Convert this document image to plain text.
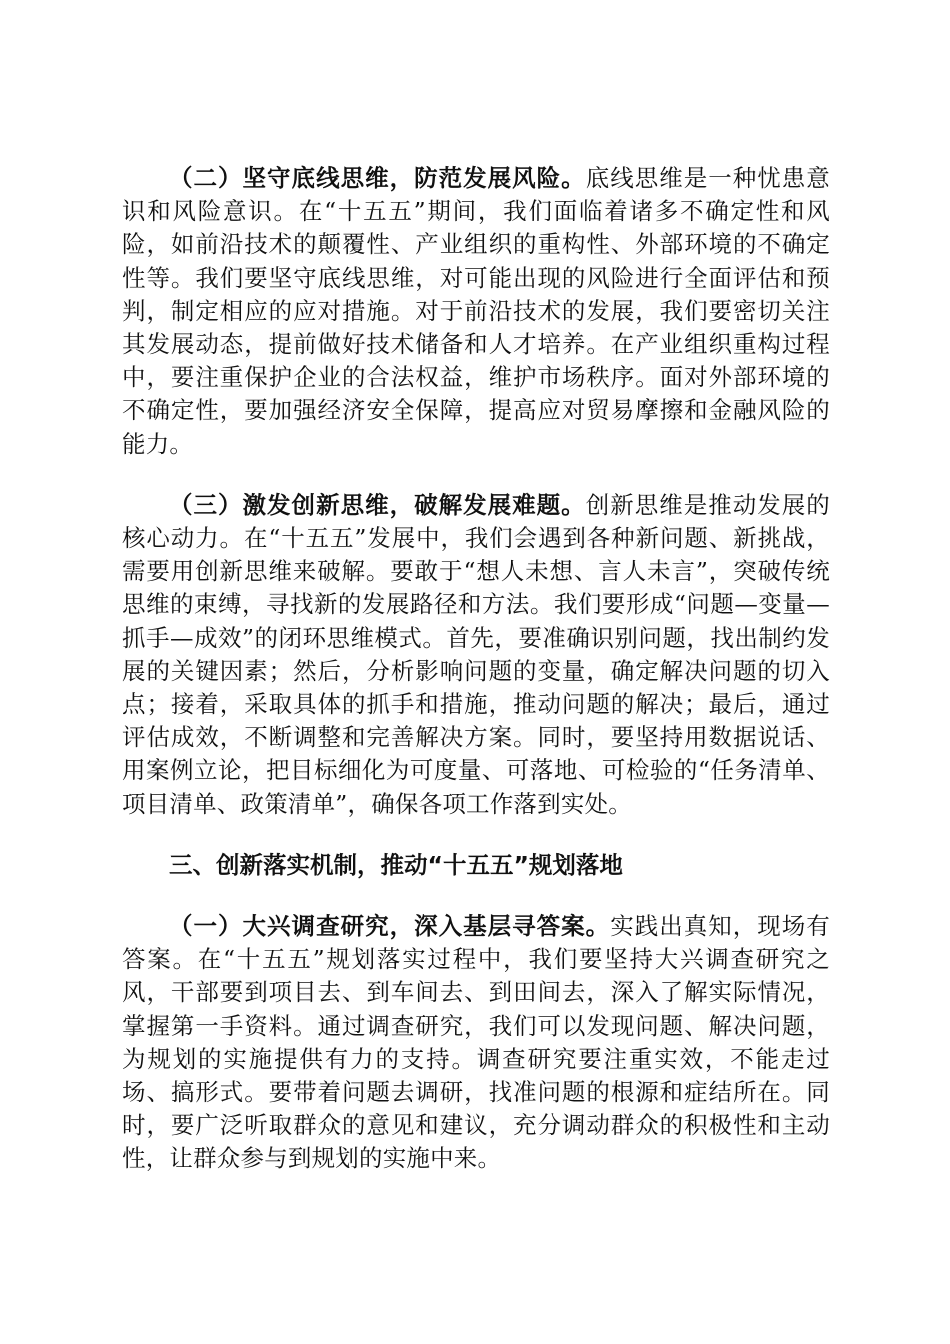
（二）坚守底线思维，防范发展风险。底线思维是一种忧患意识和风险意识。在“十五五”期间，我们面临着诸多不确定性和风险，如前沿技术的颠覆性、产业组织的重构性、外部环境的不确定性等。我们要坚守底线思维，对可能出现的风险进行全面评估和预判，制定相应的应对措施。对于前沿技术的发展，我们要密切关注其发展动态，提前做好技术储备和人才培养。在产业组织重构过程中，要注重保护企业的合法权益，维护市场秩序。面对外部环境的不确定性，要加强经济安全保障，提高应对贸易摩擦和金融风险的能力。

（三）激发创新思维，破解发展难题。创新思维是推动发展的核心动力。在“十五五”发展中，我们会遇到各种新问题、新挑战，需要用创新思维来破解。要敢于“想人未想、言人未言”，突破传统思维的束缚，寻找新的发展路径和方法。我们要形成“问题—变量—抓手—成效”的闭环思维模式。首先，要准确识别问题，找出制约发展的关键因素；然后，分析影响问题的变量，确定解决问题的切入点；接着，采取具体的抓手和措施，推动问题的解决；最后，通过评估成效，不断调整和完善解决方案。同时，要坚持用数据说话、用案例立论，把目标细化为可度量、可落地、可检验的“任务清单、项目清单、政策清单”，确保各项工作落到实处。

三、创新落实机制，推动“十五五”规划落地

（一）大兴调查研究，深入基层寻答案。实践出真知，现场有答案。在“十五五”规划落实过程中，我们要坚持大兴调查研究之风，干部要到项目去、到车间去、到田间去，深入了解实际情况，掌握第一手资料。通过调查研究，我们可以发现问题、解决问题，为规划的实施提供有力的支持。调查研究要注重实效，不能走过场、搞形式。要带着问题去调研，找准问题的根源和症结所在。同时，要广泛听取群众的意见和建议，充分调动群众的积极性和主动性，让群众参与到规划的实施中来。
